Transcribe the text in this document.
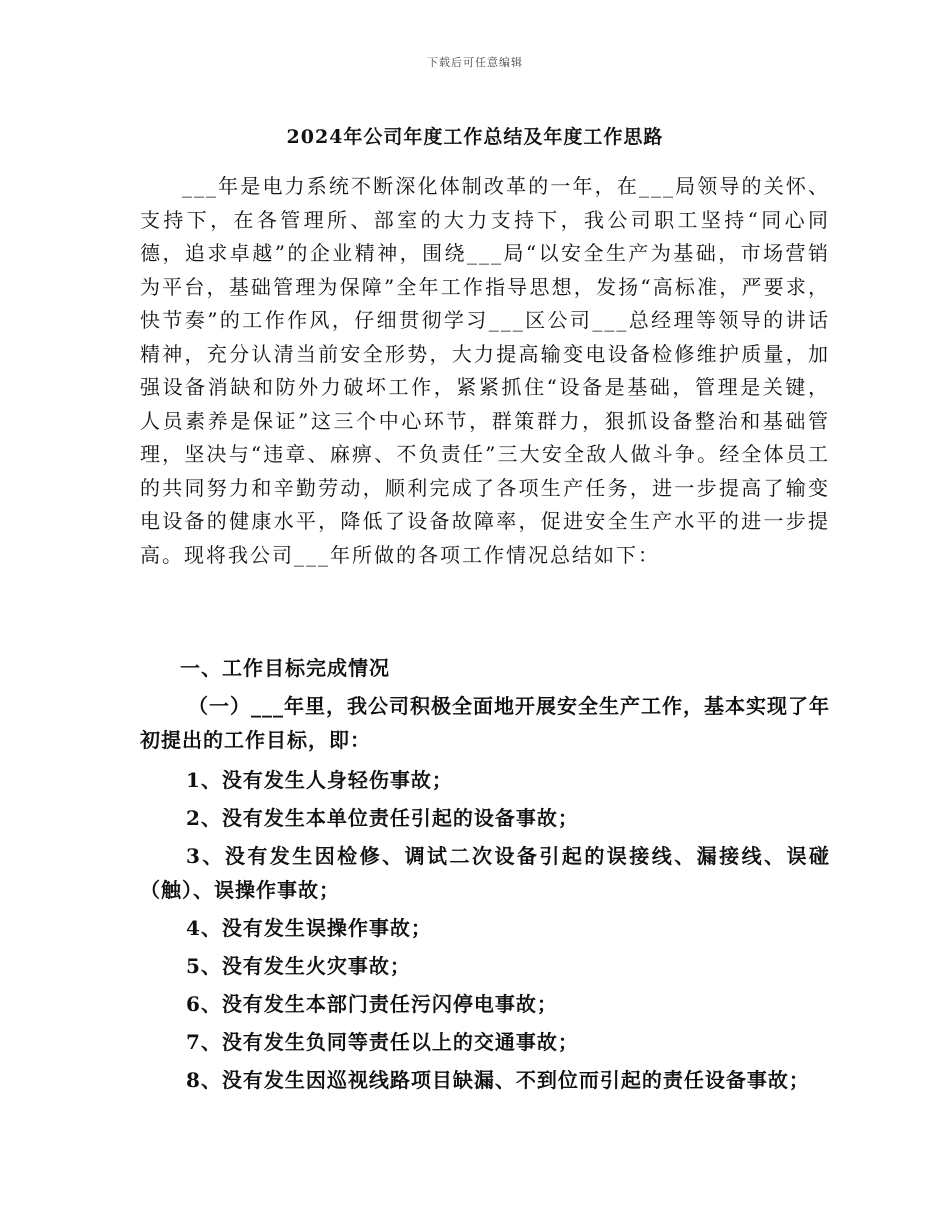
下载后可任意编辑
2024年公司年度工作总结及年度工作思路

___年是电力系统不断深化体制改革的一年，在___局领导的关怀、支持下，在各管理所、部室的大力支持下，我公司职工坚持“同心同德，追求卓越”的企业精神，围绕___局“以安全生产为基础，市场营销为平台，基础管理为保障”全年工作指导思想，发扬“高标准，严要求，快节奏”的工作作风，仔细贯彻学习___区公司___总经理等领导的讲话精神，充分认清当前安全形势，大力提高输变电设备检修维护质量，加强设备消缺和防外力破坏工作，紧紧抓住“设备是基础，管理是关键，人员素养是保证”这三个中心环节，群策群力，狠抓设备整治和基础管理，坚决与“违章、麻痹、不负责任”三大安全敌人做斗争。经全体员工的共同努力和辛勤劳动，顺利完成了各项生产任务，进一步提高了输变电设备的健康水平，降低了设备故障率，促进安全生产水平的进一步提高。现将我公司___年所做的各项工作情况总结如下：

一、工作目标完成情况

（一）___年里，我公司积极全面地开展安全生产工作，基本实现了年初提出的工作目标，即：

1、没有发生人身轻伤事故；
2、没有发生本单位责任引起的设备事故；
3、没有发生因检修、调试二次设备引起的误接线、漏接线、误碰（触）、误操作事故；
4、没有发生误操作事故；
5、没有发生火灾事故；
6、没有发生本部门责任污闪停电事故；
7、没有发生负同等责任以上的交通事故；
8、没有发生因巡视线路项目缺漏、不到位而引起的责任设备事故；
